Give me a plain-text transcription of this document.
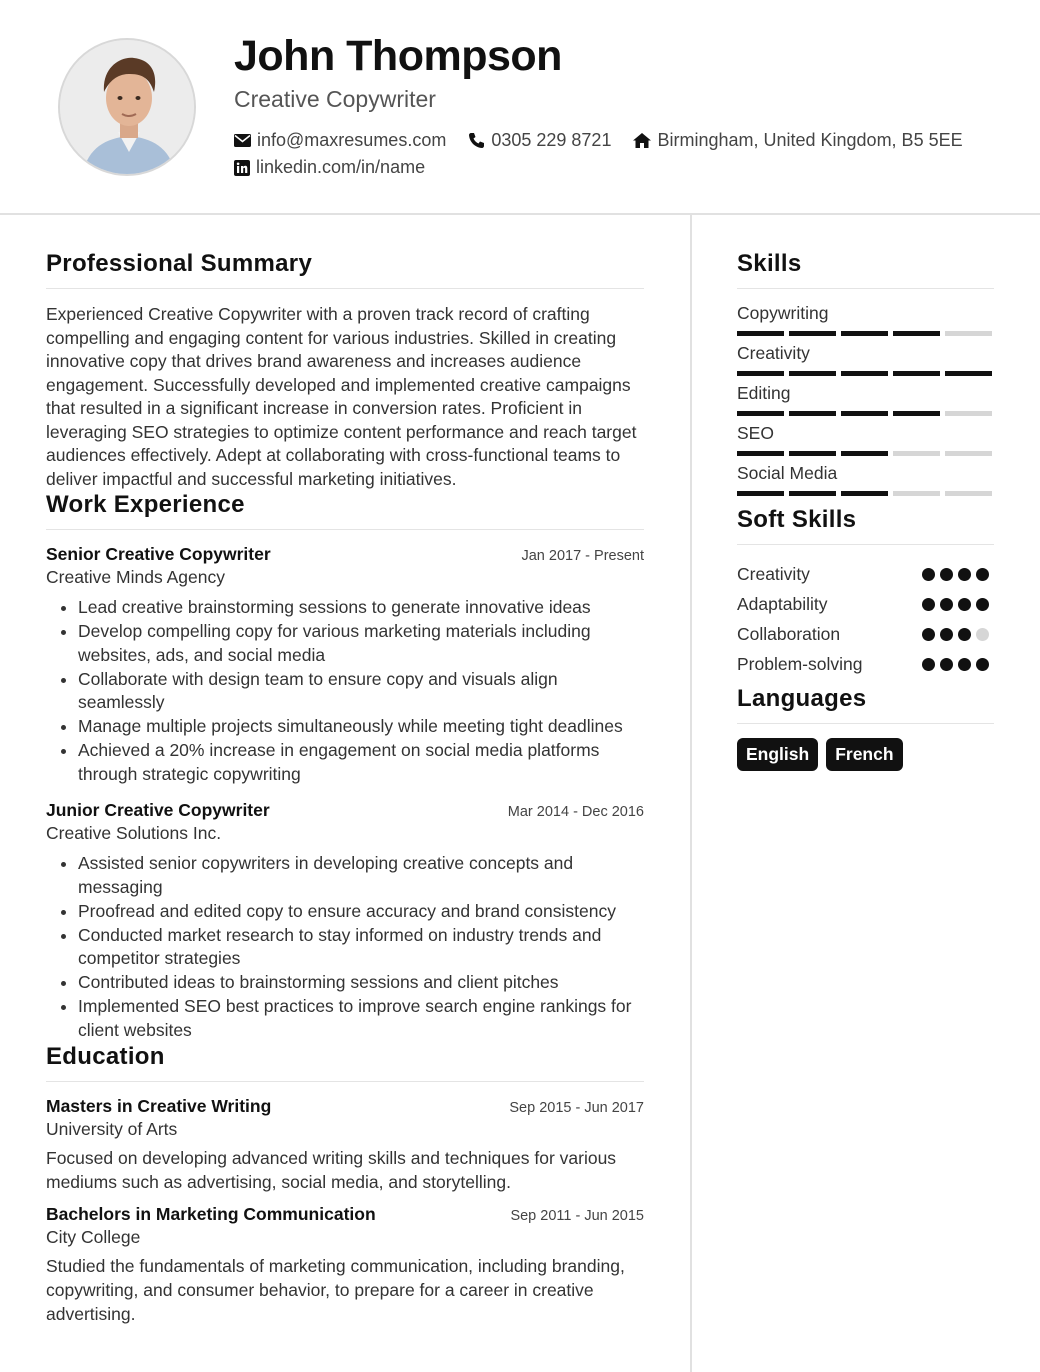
John Thompson
Creative Copywriter
info@maxresumes.com	0305 229 8721	Birmingham, United Kingdom, B5 5EE
linkedin.com/in/name
Professional Summary

Experienced Creative Copywriter with a proven track record of crafting compelling and engaging content for various industries. Skilled in creating innovative copy that drives brand awareness and increases audience engagement. Successfully developed and implemented creative campaigns that resulted in a significant increase in conversion rates. Proficient in leveraging SEO strategies to optimize content performance and reach target audiences effectively. Adept at collaborating with cross-functional teams to deliver impactful and successful marketing initiatives.

Work Experience
Senior Creative Copywriter	Jan 2017 - Present
Creative Minds Agency
• Lead creative brainstorming sessions to generate innovative ideas
• Develop compelling copy for various marketing materials including websites, ads, and social media
• Collaborate with design team to ensure copy and visuals align seamlessly
• Manage multiple projects simultaneously while meeting tight deadlines
• Achieved a 20% increase in engagement on social media platforms through strategic copywriting
Junior Creative Copywriter	Mar 2014 - Dec 2016
Creative Solutions Inc.
• Assisted senior copywriters in developing creative concepts and messaging
• Proofread and edited copy to ensure accuracy and brand consistency
• Conducted market research to stay informed on industry trends and competitor strategies
• Contributed ideas to brainstorming sessions and client pitches
• Implemented SEO best practices to improve search engine rankings for client websites
Education
Masters in Creative Writing	Sep 2015 - Jun 2017
University of Arts

Focused on developing advanced writing skills and techniques for various mediums such as advertising, social media, and storytelling.

Bachelors in Marketing Communication	Sep 2011 - Jun 2015
City College

Studied the fundamentals of marketing communication, including branding, copywriting, and consumer behavior, to prepare for a career in creative advertising.

Skills
Copywriting
Creativity
Editing
SEO
Social Media
Soft Skills
Creativity
Adaptability
Collaboration
Problem-solving
Languages
English	French
